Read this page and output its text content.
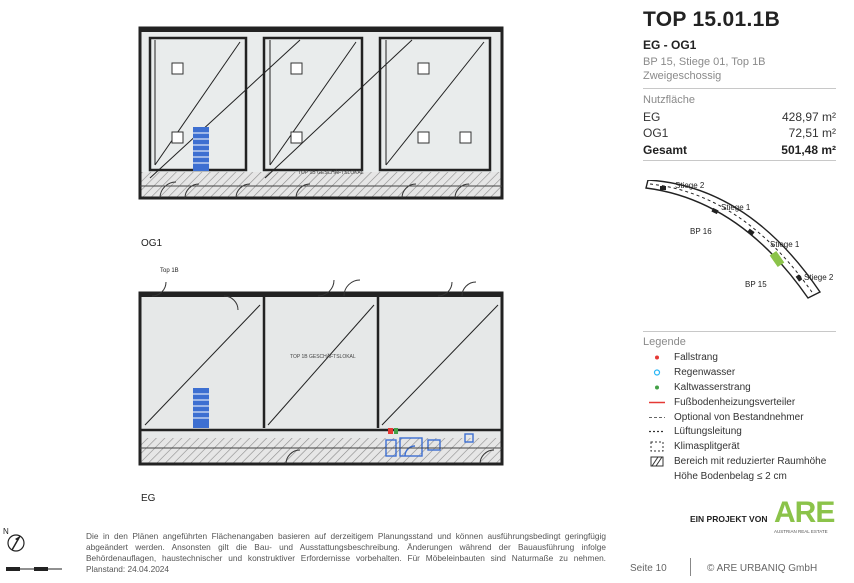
OG1
EG
Top 1B
TOP 1B GESCHÄFTSLOKAL
TOP 1B GESCHÄFTSLOKAL
N	Die in den Plänen angeführten Flächenangaben basieren auf derzeitigem Planungsstand und können ausführungsbedingt geringfügig abgeändert werden. Ansonsten gilt die Bau- und Ausstattungsbeschreibung. Änderungen während der Bauausführung infolge Behördenauflagen, haustechnischer und konstruktiver Erfordernisse vorbehalten. Für Möbeleinbauten sind Naturmaße zu nehmen. Planstand: 24.04.2024
TOP 15.01.1B
EG - OG1
BP 15, Stiege 01, Top 1B
Zweigeschossig
Nutzfläche
EG	428,97 m²
OG1	72,51 m²
Gesamt	501,48 m²
Stiege 2
Stiege 1
BP 16
Stiege 1
Stiege 2
BP 15
Legende
Fallstrang
Regenwasser
Kaltwasserstrang
Fußbodenheizungsverteiler
Optional von Bestandnehmer
Lüftungsleitung
Klimasplitgerät
Bereich mit reduzierter Raumhöhe
Höhe Bodenbelag ≤ 2 cm
EIN PROJEKT VON ARE
AUSTRIAN REAL ESTATE
Seite 10	© ARE URBANIQ GmbH
